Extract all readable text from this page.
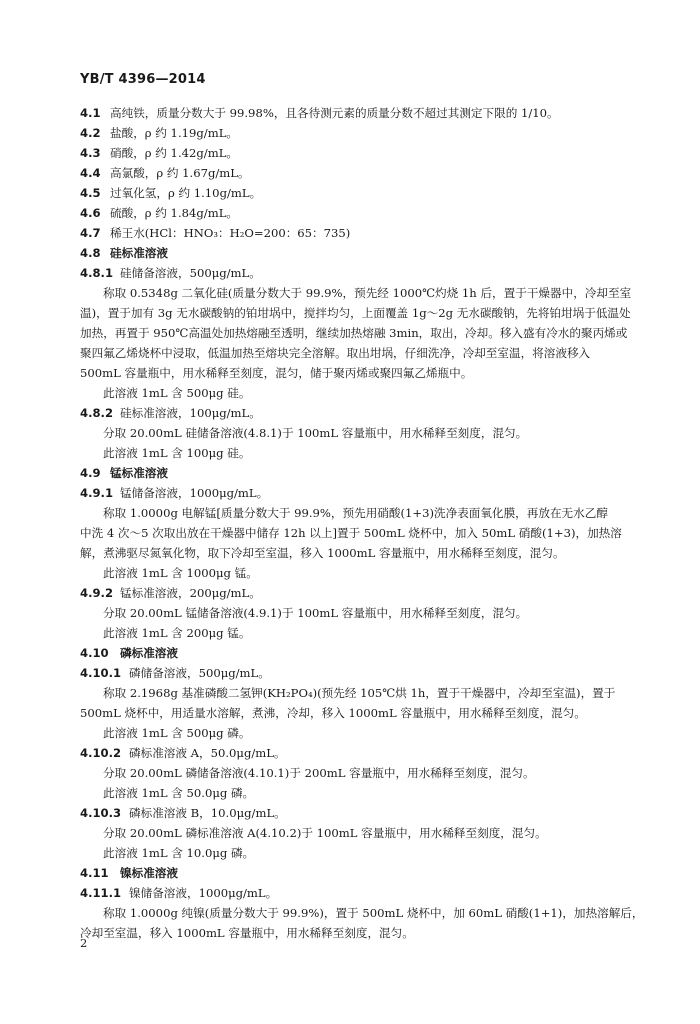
YB/T 4396—2014
4.1 高纯铁，质量分数大于 99.98%，且各待测元素的质量分数不超过其测定下限的 1/10。
4.2 盐酸，ρ 约 1.19g/mL。
4.3 硝酸，ρ 约 1.42g/mL。
4.4 高氯酸，ρ 约 1.67g/mL。
4.5 过氧化氢，ρ 约 1.10g/mL。
4.6 硫酸，ρ 约 1.84g/mL。
4.7 稀王水(HCl：HNO₃：H₂O=200：65：735)
4.8 硅标准溶液
4.8.1 硅储备溶液，500μg/mL。
称取 0.5348g 二氧化硅(质量分数大于 99.9%，预先经 1000℃灼烧 1h 后，置于干燥器中，冷却至室
温)，置于加有 3g 无水碳酸钠的铂坩埚中，搅拌均匀，上面覆盖 1g～2g 无水碳酸钠，先将铂坩埚于低温处
加热，再置于 950℃高温处加热熔融至透明，继续加热熔融 3min，取出，冷却。移入盛有冷水的聚丙烯或
聚四氟乙烯烧杯中浸取，低温加热至熔块完全溶解。取出坩埚，仔细洗净，冷却至室温，将溶液移入
500mL 容量瓶中，用水稀释至刻度，混匀，储于聚丙烯或聚四氟乙烯瓶中。
此溶液 1mL 含 500μg 硅。
4.8.2 硅标准溶液，100μg/mL。
分取 20.00mL 硅储备溶液(4.8.1)于 100mL 容量瓶中，用水稀释至刻度，混匀。
此溶液 1mL 含 100μg 硅。
4.9 锰标准溶液
4.9.1 锰储备溶液，1000μg/mL。
称取 1.0000g 电解锰[质量分数大于 99.9%，预先用硝酸(1+3)洗净表面氧化膜，再放在无水乙醇
中洗 4 次～5 次取出放在干燥器中储存 12h 以上]置于 500mL 烧杯中，加入 50mL 硝酸(1+3)，加热溶
解，煮沸驱尽氮氧化物，取下冷却至室温，移入 1000mL 容量瓶中，用水稀释至刻度，混匀。
此溶液 1mL 含 1000μg 锰。
4.9.2 锰标准溶液，200μg/mL。
分取 20.00mL 锰储备溶液(4.9.1)于 100mL 容量瓶中，用水稀释至刻度，混匀。
此溶液 1mL 含 200μg 锰。
4.10 磷标准溶液
4.10.1 磷储备溶液，500μg/mL。
称取 2.1968g 基准磷酸二氢钾(KH₂PO₄)(预先经 105℃烘 1h，置于干燥器中，冷却至室温)，置于
500mL 烧杯中，用适量水溶解，煮沸，冷却，移入 1000mL 容量瓶中，用水稀释至刻度，混匀。
此溶液 1mL 含 500μg 磷。
4.10.2 磷标准溶液 A，50.0μg/mL。
分取 20.00mL 磷储备溶液(4.10.1)于 200mL 容量瓶中，用水稀释至刻度，混匀。
此溶液 1mL 含 50.0μg 磷。
4.10.3 磷标准溶液 B，10.0μg/mL。
分取 20.00mL 磷标准溶液 A(4.10.2)于 100mL 容量瓶中，用水稀释至刻度，混匀。
此溶液 1mL 含 10.0μg 磷。
4.11 镍标准溶液
4.11.1 镍储备溶液，1000μg/mL。
称取 1.0000g 纯镍(质量分数大于 99.9%)，置于 500mL 烧杯中，加 60mL 硝酸(1+1)，加热溶解后，
冷却至室温，移入 1000mL 容量瓶中，用水稀释至刻度，混匀。
2
